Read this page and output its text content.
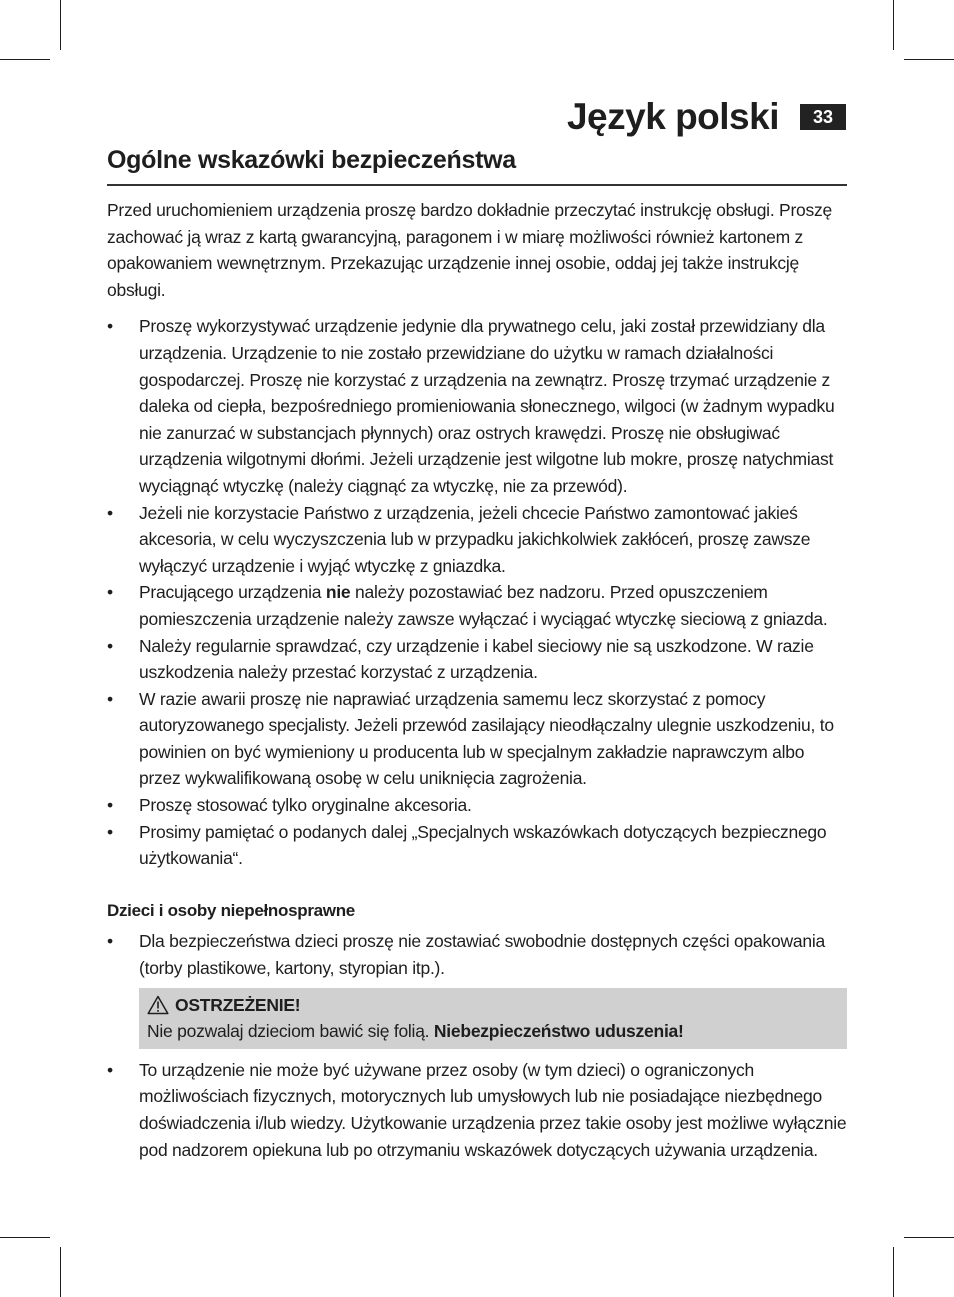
Język polski	33
Ogólne wskazówki bezpieczeństwa

Przed uruchomieniem urządzenia proszę bardzo dokładnie przeczytać instrukcję obsługi. Proszę zachować ją wraz z kartą gwarancyjną, paragonem i w miarę możliwości również kartonem z opakowaniem wewnętrznym. Przekazując urządzenie innej osobie, oddaj jej także instrukcję obsługi.

•	Proszę wykorzystywać urządzenie jedynie dla prywatnego celu, jaki został przewidziany dla urządzenia. Urządzenie to nie zostało przewidziane do użytku w ramach działalności gospodarczej. Proszę nie korzystać z urządzenia na zewnątrz. Proszę trzymać urządzenie z daleka od ciepła, bezpośredniego promieniowania słonecznego, wilgoci (w żadnym wypadku nie zanurzać w substancjach płynnych) oraz ostrych krawędzi. Proszę nie obsługiwać urządzenia wilgotnymi dłońmi. Jeżeli urządzenie jest wilgotne lub mokre, proszę natychmiast wyciągnąć wtyczkę (należy ciągnąć za wtyczkę, nie za przewód).
•	Jeżeli nie korzystacie Państwo z urządzenia, jeżeli chcecie Państwo zamontować jakieś akcesoria, w celu wyczyszczenia lub w przypadku jakichkolwiek zakłóceń, proszę zawsze wyłączyć urządzenie i wyjąć wtyczkę z gniazdka.
•	Pracującego urządzenia nie należy pozostawiać bez nadzoru. Przed opuszczeniem pomieszczenia urządzenie należy zawsze wyłączać i wyciągać wtyczkę sieciową z gniazda.
•	Należy regularnie sprawdzać, czy urządzenie i kabel sieciowy nie są uszkodzone. W razie uszkodzenia należy przestać korzystać z urządzenia.
•	W razie awarii proszę nie naprawiać urządzenia samemu lecz skorzystać z pomocy autoryzowanego specjalisty. Jeżeli przewód zasilający nieodłączalny ulegnie uszkodzeniu, to powinien on być wymieniony u producenta lub w specjalnym zakładzie naprawczym albo przez wykwalifikowaną osobę w celu uniknięcia zagrożenia.
•	Proszę stosować tylko oryginalne akcesoria.
•	Prosimy pamiętać o podanych dalej „Specjalnych wskazówkach dotyczących bezpiecznego użytkowania“.

Dzieci i osoby niepełnosprawne

•	Dla bezpieczeństwa dzieci proszę nie zostawiać swobodnie dostępnych części opakowania (torby plastikowe, kartony, styropian itp.).
OSTRZEŻENIE!
Nie pozwalaj dzieciom bawić się folią. Niebezpieczeństwo uduszenia!
•	To urządzenie nie może być używane przez osoby (w tym dzieci) o ograniczonych możliwościach fizycznych, motorycznych lub umysłowych lub nie posiadające niezbędnego doświadczenia i/lub wiedzy. Użytkowanie urządzenia przez takie osoby jest możliwe wyłącznie pod nadzorem opiekuna lub po otrzymaniu wskazówek dotyczących używania urządzenia.
